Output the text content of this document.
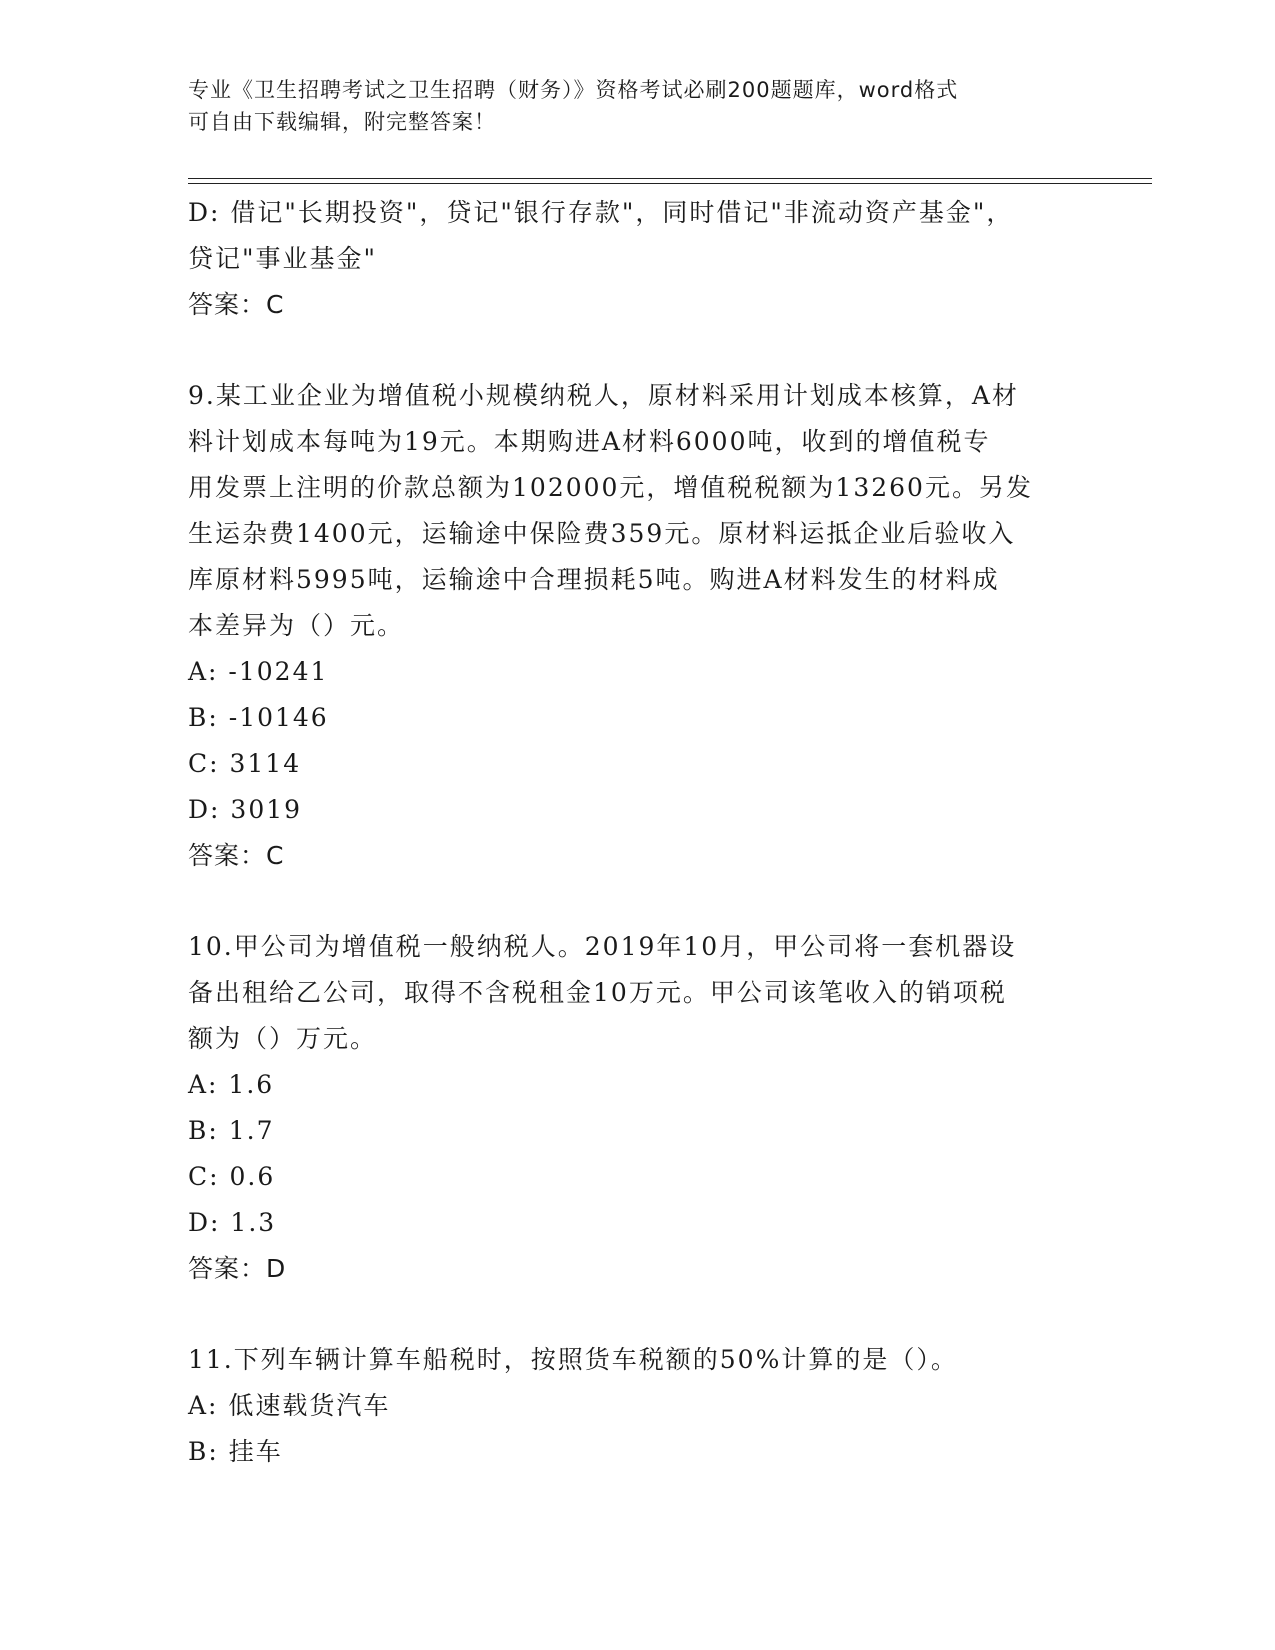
专业《卫生招聘考试之卫生招聘（财务）》资格考试必刷200题题库，word格式
可自由下载编辑，附完整答案！
D: 借记"长期投资"，贷记"银行存款"，同时借记"非流动资产基金"，
贷记"事业基金"
答案：C
9.某工业企业为增值税小规模纳税人，原材料采用计划成本核算，A材
料计划成本每吨为19元。本期购进A材料6000吨，收到的增值税专
用发票上注明的价款总额为102000元，增值税税额为13260元。另发
生运杂费1400元，运输途中保险费359元。原材料运抵企业后验收入
库原材料5995吨，运输途中合理损耗5吨。购进A材料发生的材料成
本差异为（）元。
A: -10241
B: -10146
C: 3114
D: 3019
答案：C
10.甲公司为增值税一般纳税人。2019年10月，甲公司将一套机器设
备出租给乙公司，取得不含税租金10万元。甲公司该笔收入的销项税
额为（）万元。
A: 1.6
B: 1.7
C: 0.6
D: 1.3
答案：D
11.下列车辆计算车船税时，按照货车税额的50%计算的是（）。
A: 低速载货汽车
B: 挂车
